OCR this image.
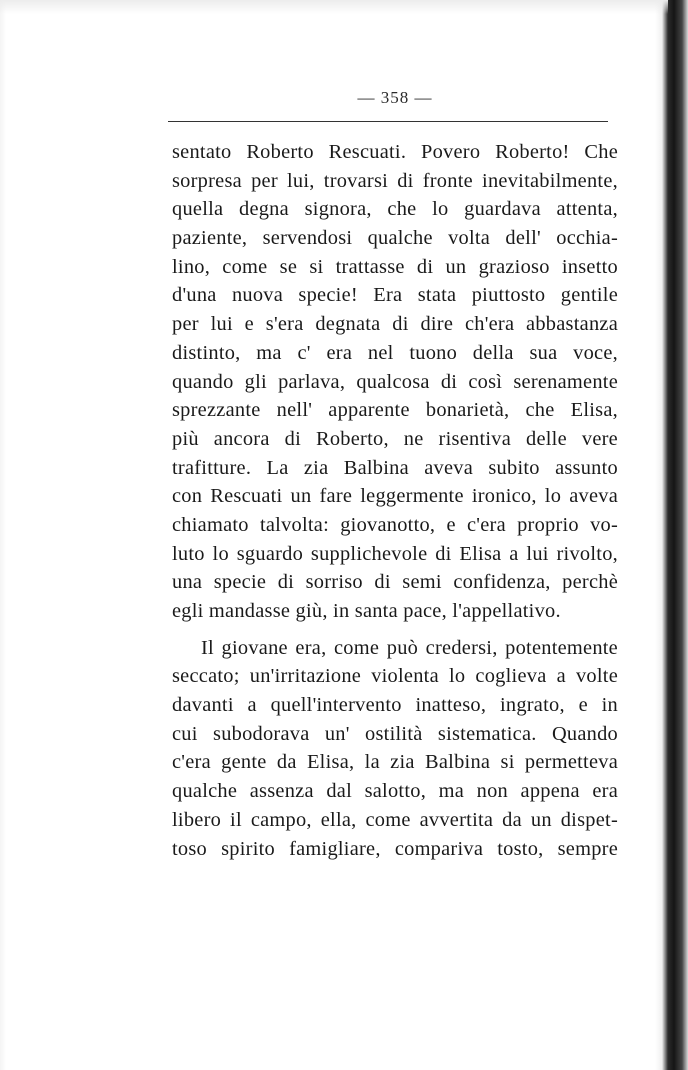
— 358 —
sentato Roberto Rescuati. Povero Roberto! Che
sorpresa per lui, trovarsi di fronte inevitabilmente,
quella degna signora, che lo guardava attenta,
paziente, servendosi qualche volta dell' occhia-
lino, come se si trattasse di un grazioso insetto
d'una nuova specie! Era stata piuttosto gentile
per lui e s'era degnata di dire ch'era abbastanza
distinto, ma c' era nel tuono della sua voce,
quando gli parlava, qualcosa di così serenamente
sprezzante nell' apparente bonarietà, che Elisa,
più ancora di Roberto, ne risentiva delle vere
trafitture. La zia Balbina aveva subito assunto
con Rescuati un fare leggermente ironico, lo aveva
chiamato talvolta: giovanotto, e c'era proprio vo-
luto lo sguardo supplichevole di Elisa a lui rivolto,
una specie di sorriso di semi confidenza, perchè
egli mandasse giù, in santa pace, l'appellativo.
Il giovane era, come può credersi, potentemente
seccato; un'irritazione violenta lo coglieva a volte
davanti a quell'intervento inatteso, ingrato, e in
cui subodorava un' ostilità sistematica. Quando
c'era gente da Elisa, la zia Balbina si permetteva
qualche assenza dal salotto, ma non appena era
libero il campo, ella, come avvertita da un dispet-
toso spirito famigliare, compariva tosto, sempre
